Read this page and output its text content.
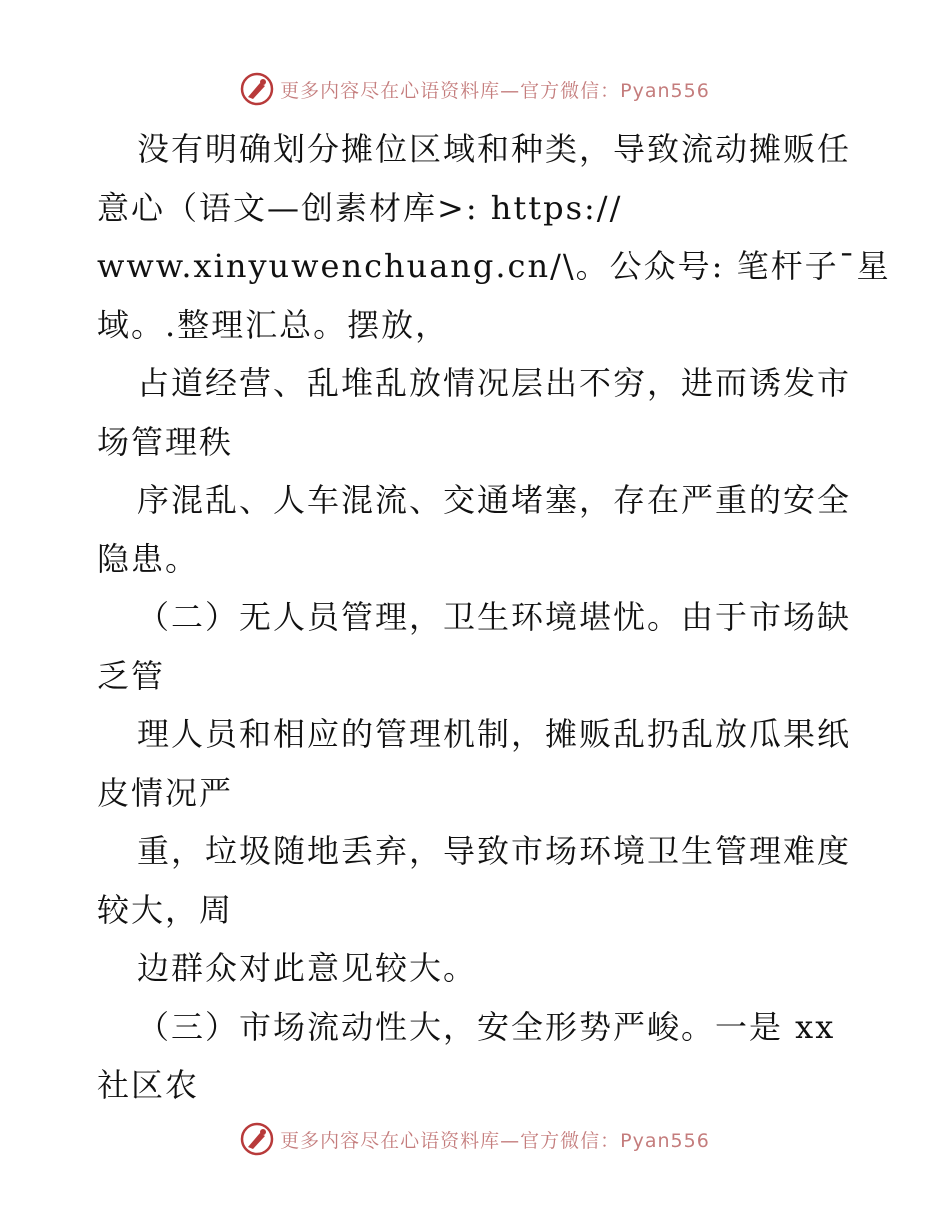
更多内容尽在心语资料库—官方微信：Pyan556
没有明确划分摊位区域和种类，导致流动摊贩任
意心（语文—创素材库>: https://
www.xinyuwenchuang.cn/\。公众号: 笔杆子¯星
域。.整理汇总。摆放，
占道经营、乱堆乱放情况层出不穷，进而诱发市
场管理秩
序混乱、人车混流、交通堵塞，存在严重的安全
隐患。
（二）无人员管理，卫生环境堪忧。由于市场缺
乏管
理人员和相应的管理机制，摊贩乱扔乱放瓜果纸
皮情况严
重，垃圾随地丢弃，导致市场环境卫生管理难度
较大，周
边群众对此意见较大。
（三）市场流动性大，安全形势严峻。一是 xx
社区农
更多内容尽在心语资料库—官方微信：Pyan556
